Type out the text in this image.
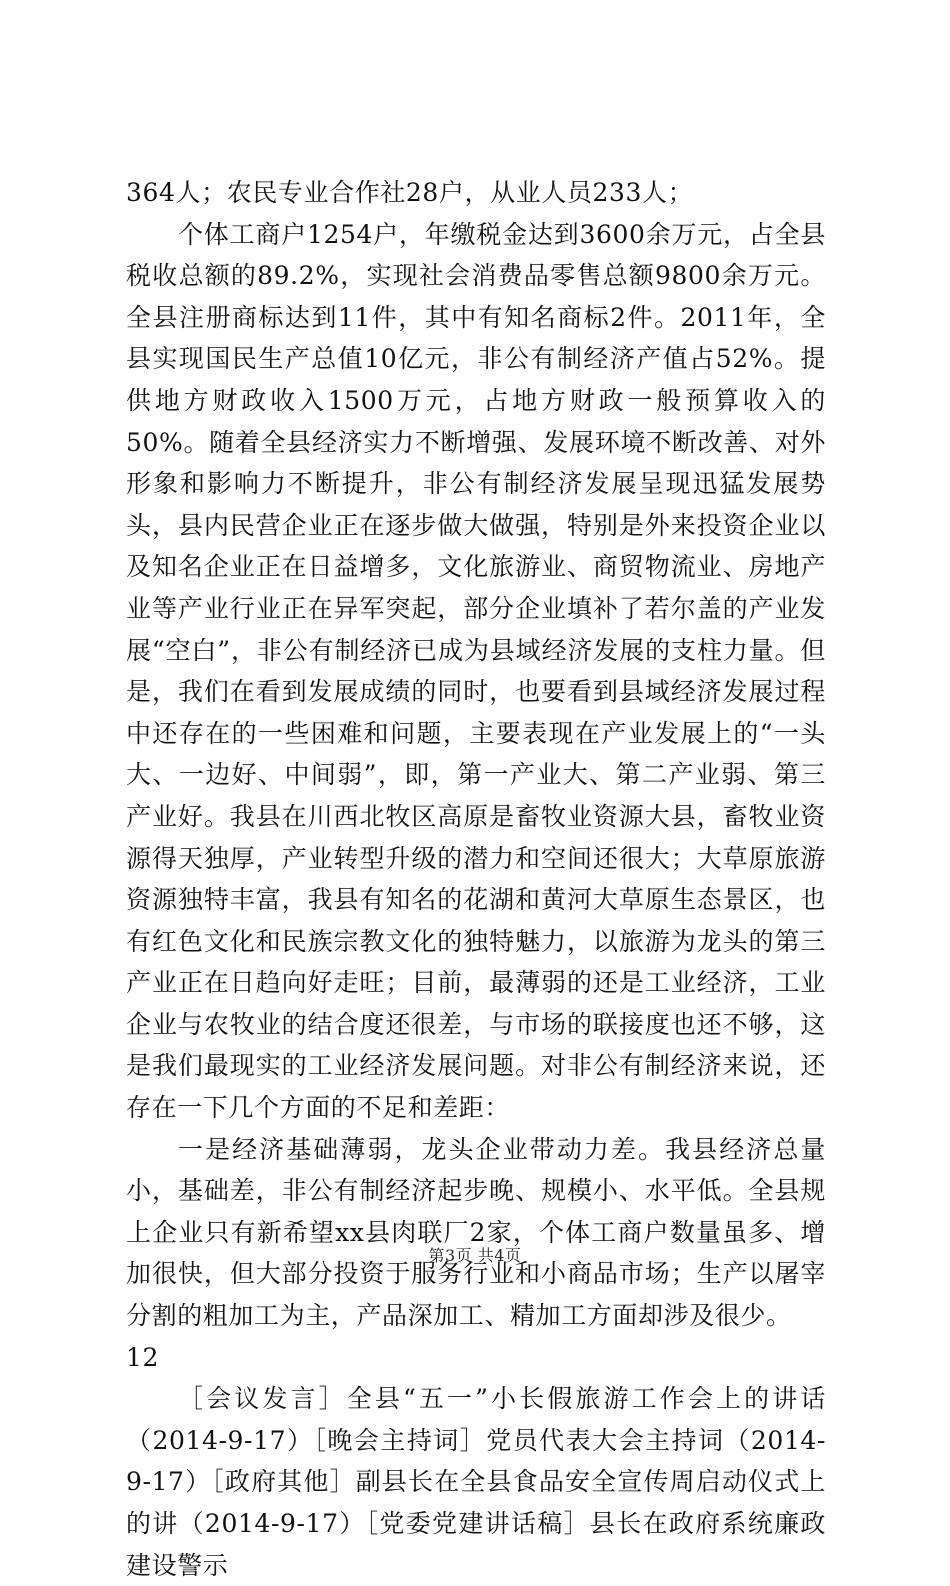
364人；农民专业合作社28户，从业人员233人；

个体工商户1254户，年缴税金达到3600余万元，占全县税收总额的89.2%，实现社会消费品零售总额9800余万元。全县注册商标达到11件，其中有知名商标2件。2011年，全县实现国民生产总值10亿元，非公有制经济产值占52%。提供地方财政收入1500万元，占地方财政一般预算收入的50%。随着全县经济实力不断增强、发展环境不断改善、对外形象和影响力不断提升，非公有制经济发展呈现迅猛发展势头，县内民营企业正在逐步做大做强，特别是外来投资企业以及知名企业正在日益增多，文化旅游业、商贸物流业、房地产业等产业行业正在异军突起，部分企业填补了若尔盖的产业发展“空白”，非公有制经济已成为县域经济发展的支柱力量。但是，我们在看到发展成绩的同时，也要看到县域经济发展过程中还存在的一些困难和问题，主要表现在产业发展上的“一头大、一边好、中间弱”，即，第一产业大、第二产业弱、第三产业好。我县在川西北牧区高原是畜牧业资源大县，畜牧业资源得天独厚，产业转型升级的潜力和空间还很大；大草原旅游资源独特丰富，我县有知名的花湖和黄河大草原生态景区，也有红色文化和民族宗教文化的独特魅力，以旅游为龙头的第三产业正在日趋向好走旺；目前，最薄弱的还是工业经济，工业企业与农牧业的结合度还很差，与市场的联接度也还不够，这是我们最现实的工业经济发展问题。对非公有制经济来说，还存在一下几个方面的不足和差距：

一是经济基础薄弱，龙头企业带动力差。我县经济总量小，基础差，非公有制经济起步晚、规模小、水平低。全县规上企业只有新希望xx县肉联厂2家，个体工商户数量虽多、增加很快，但大部分投资于服务行业和小商品市场；生产以屠宰分割的粗加工为主，产品深加工、精加工方面却涉及很少。

12

［会议发言］全县“五一”小长假旅游工作会上的讲话（2014-9-17）［晚会主持词］党员代表大会主持词（2014-9-17）［政府其他］副县长在全县食品安全宣传周启动仪式上的讲（2014-9-17）［党委党建讲话稿］县长在政府系统廉政建设警示

第3页 共4页
